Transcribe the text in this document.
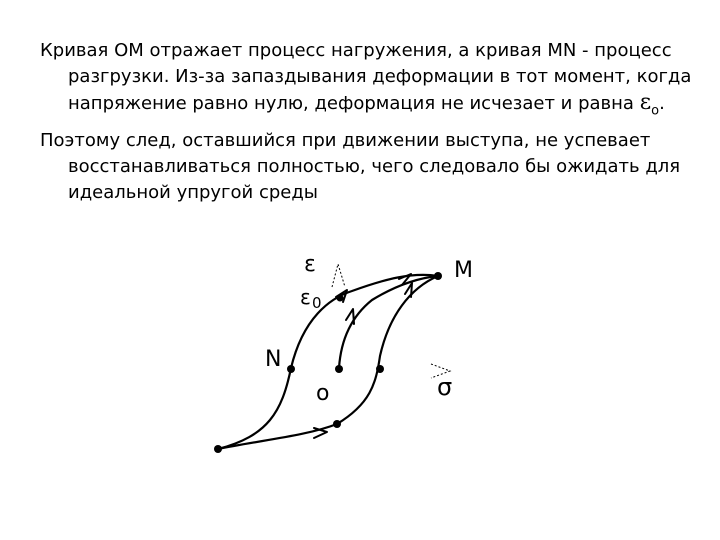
Кривая ОМ отражает процесс нагружения, а кривая MN - процесс разгрузки. Из-за запаздывания деформации в тот момент, когда напряжение равно нулю, деформация не исчезает и равна $\varepsilon_о$.

Поэтому след, оставшийся при движении выступа, не успевает восстанавливаться полностью, чего следовало бы ожидать для идеальной упругой среды

M
N
o
ε
ε 0
σ
